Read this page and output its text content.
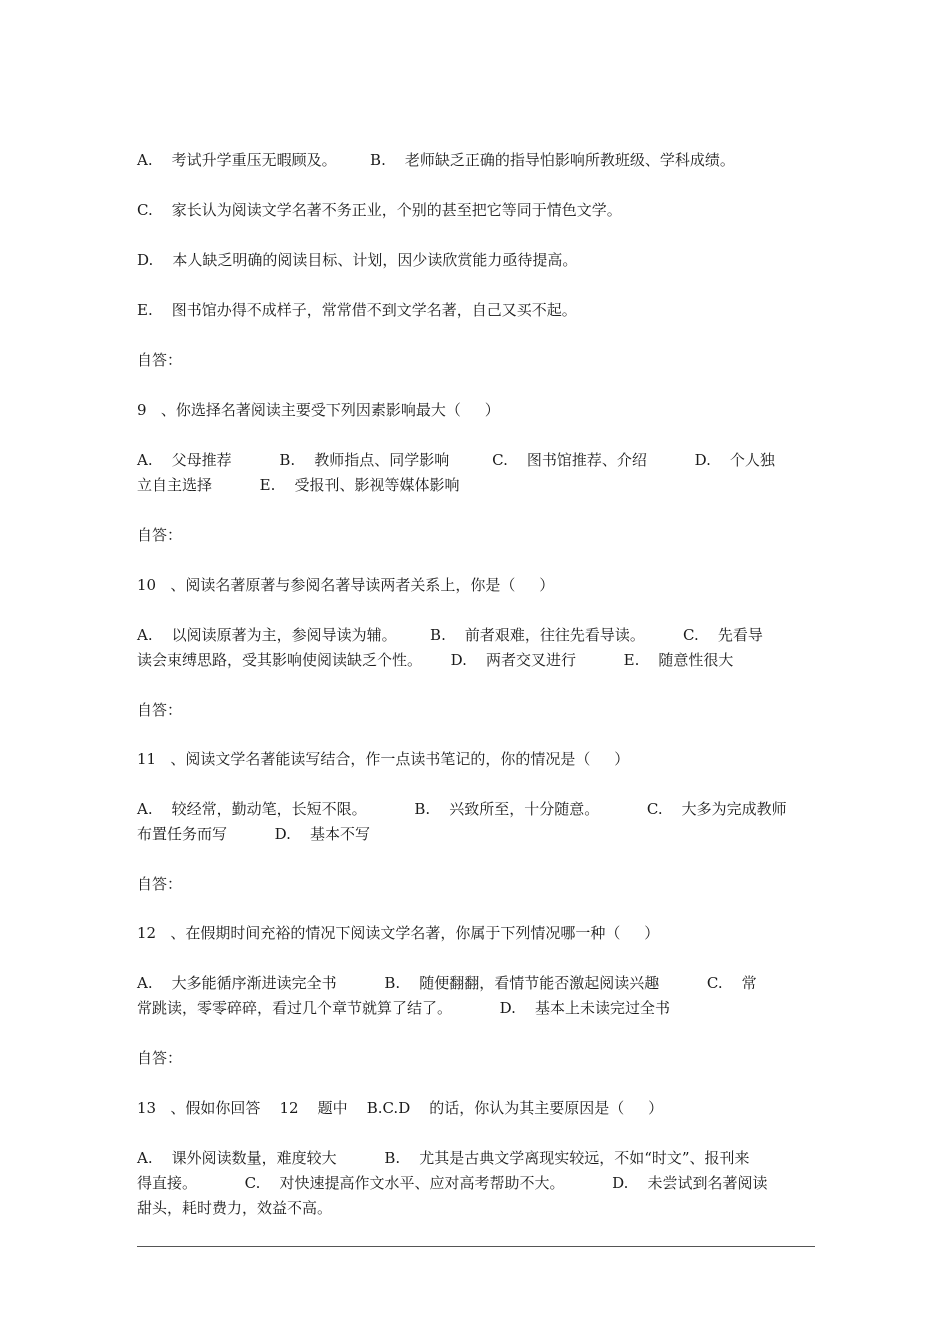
A.    考试升学重压无暇顾及。       B.    老师缺乏正确的指导怕影响所教班级、学科成绩。
C.    家长认为阅读文学名著不务正业，个别的甚至把它等同于情色文学。
D.    本人缺乏明确的阅读目标、计划，因少读欣赏能力亟待提高。
E.    图书馆办得不成样子，常常借不到文学名著，自己又买不起。
自答：
9   、你选择名著阅读主要受下列因素影响最大（     ）
A.    父母推荐          B.    教师指点、同学影响         C.    图书馆推荐、介绍          D.    个人独
立自主选择          E.    受报刊、影视等媒体影响
自答：
10   、阅读名著原著与参阅名著导读两者关系上，你是（     ）
A.    以阅读原著为主，参阅导读为辅。       B.    前者艰难，往往先看导读。        C.    先看导
读会束缚思路，受其影响使阅读缺乏个性。      D.    两者交叉进行          E.    随意性很大
自答：
11   、阅读文学名著能读写结合，作一点读书笔记的，你的情况是（     ）
A.    较经常，勤动笔，长短不限。          B.    兴致所至，十分随意。          C.    大多为完成教师
布置任务而写          D.    基本不写
自答：
12   、在假期时间充裕的情况下阅读文学名著，你属于下列情况哪一种（     ）
A.    大多能循序渐进读完全书          B.    随便翻翻，看情节能否激起阅读兴趣          C.    常
常跳读，零零碎碎，看过几个章节就算了结了。          D.    基本上未读完过全书
自答：
13   、假如你回答    12    题中    B.C.D    的话，你认为其主要原因是（     ）
A.    课外阅读数量，难度较大          B.    尤其是古典文学离现实较远，不如“时文”、报刊来
得直接。          C.    对快速提高作文水平、应对高考帮助不大。          D.    未尝试到名著阅读
甜头，耗时费力，效益不高。
